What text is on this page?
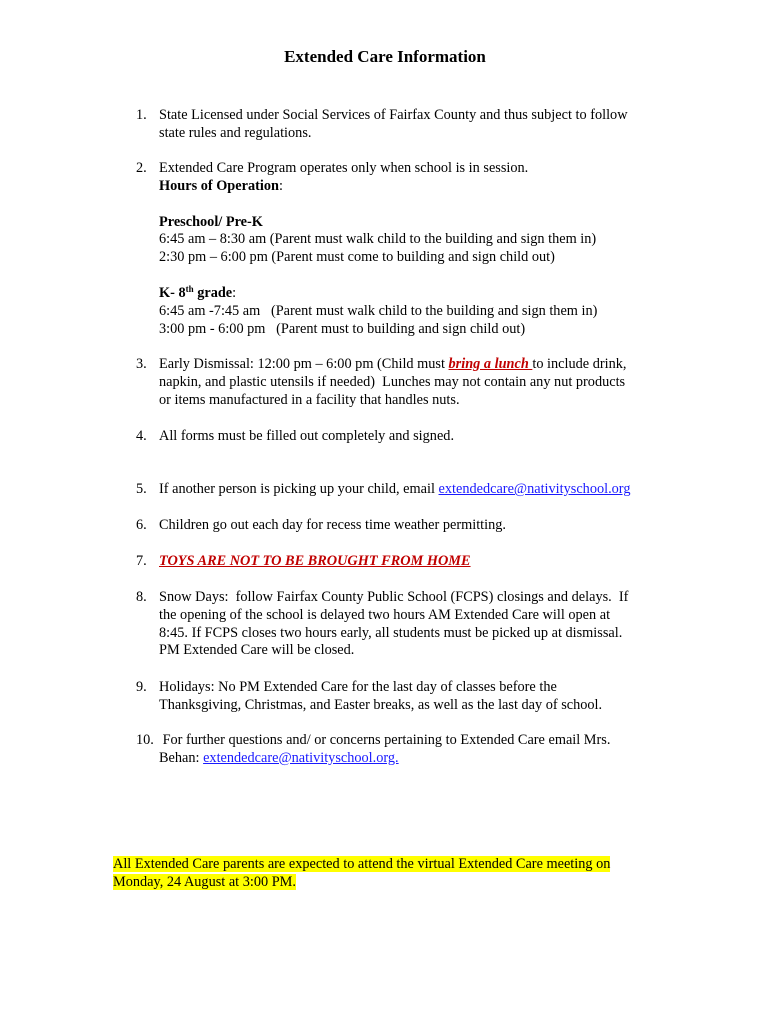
Extended Care Information
1. State Licensed under Social Services of Fairfax County and thus subject to follow
state rules and regulations.
2. Extended Care Program operates only when school is in session.
Hours of Operation:
Preschool/ Pre-K
6:45 am – 8:30 am (Parent must walk child to the building and sign them in)
2:30 pm – 6:00 pm (Parent must come to building and sign child out)
K- 8th grade:
6:45 am -7:45 am   (Parent must walk child to the building and sign them in)
3:00 pm - 6:00 pm   (Parent must to building and sign child out)
3. Early Dismissal: 12:00 pm – 6:00 pm (Child must bring a lunch to include drink,
napkin, and plastic utensils if needed)  Lunches may not contain any nut products
or items manufactured in a facility that handles nuts.
4. All forms must be filled out completely and signed.
5. If another person is picking up your child, email extendedcare@nativityschool.org
6. Children go out each day for recess time weather permitting.
7. TOYS ARE NOT TO BE BROUGHT FROM HOME
8. Snow Days:  follow Fairfax County Public School (FCPS) closings and delays.  If
the opening of the school is delayed two hours AM Extended Care will open at
8:45. If FCPS closes two hours early, all students must be picked up at dismissal.
PM Extended Care will be closed.
9. Holidays: No PM Extended Care for the last day of classes before the
Thanksgiving, Christmas, and Easter breaks, as well as the last day of school.
10. For further questions and/ or concerns pertaining to Extended Care email Mrs.
Behan: extendedcare@nativityschool.org.
All Extended Care parents are expected to attend the virtual Extended Care meeting on
Monday, 24 August at 3:00 PM.
